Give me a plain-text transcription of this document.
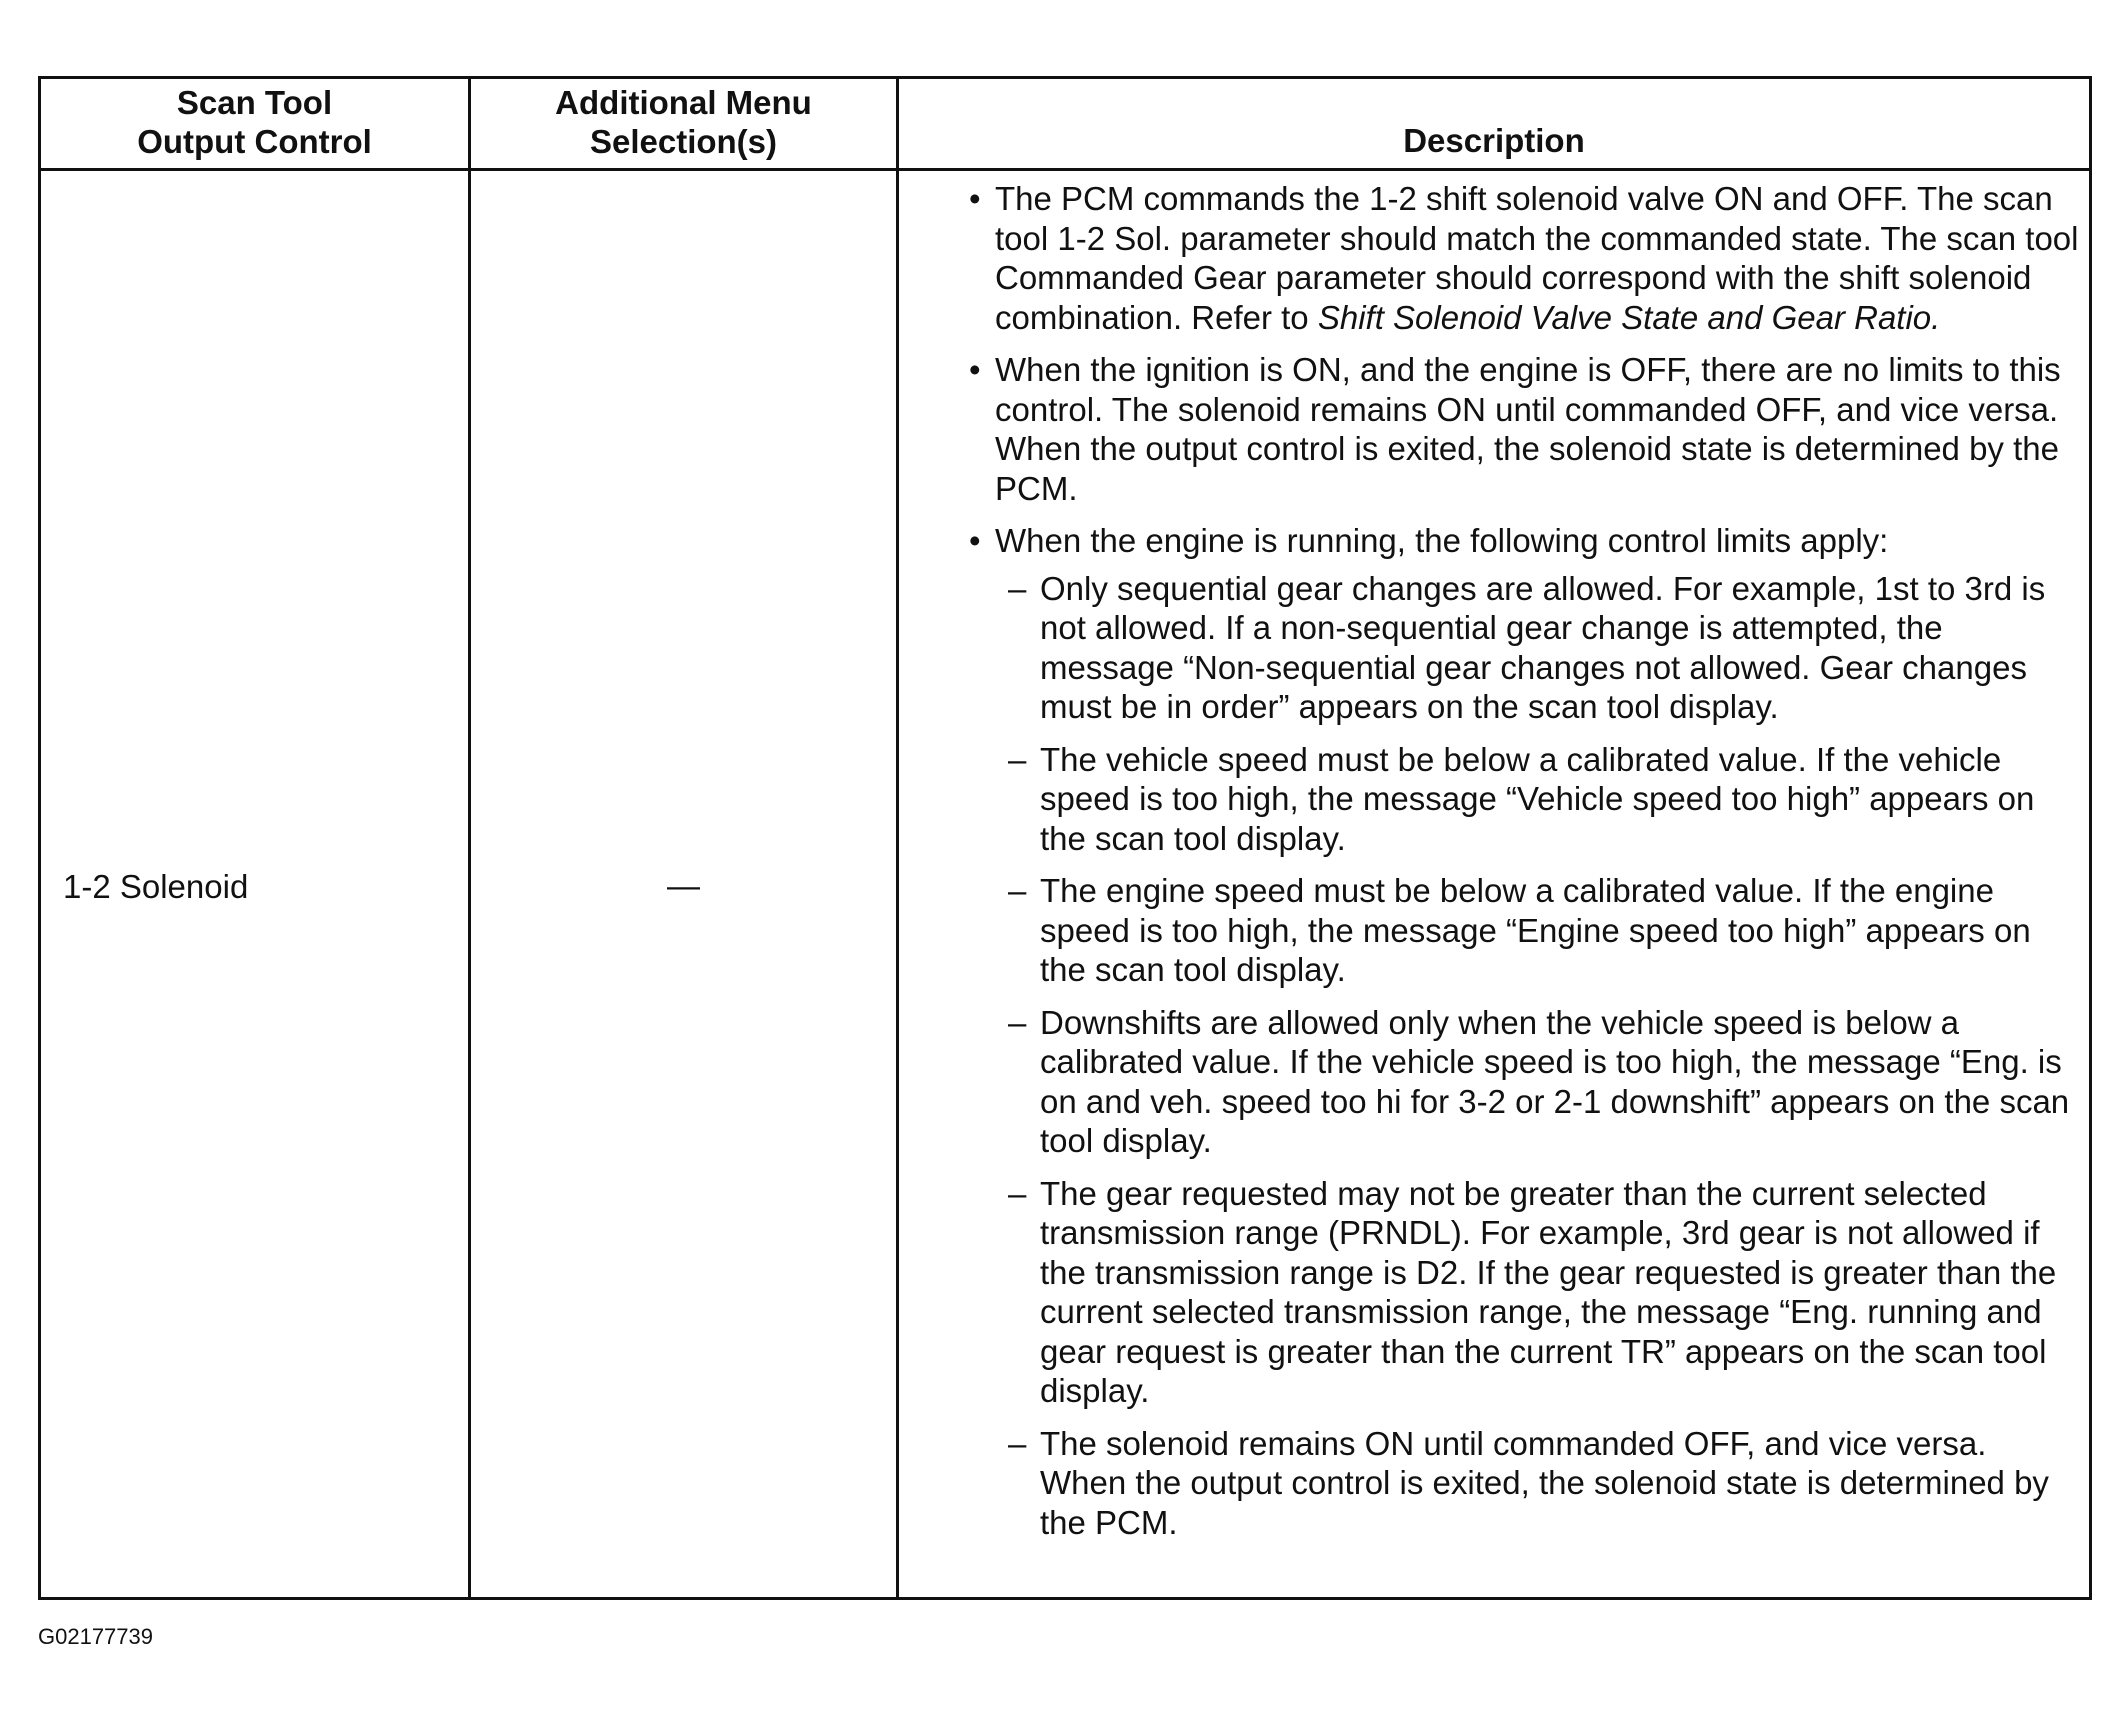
Scan Tool
Output Control
Additional Menu
Selection(s)	Description
1-2 Solenoid	—
• The PCM commands the 1-2 shift solenoid valve ON and OFF. The scan tool 1-2 Sol. parameter should match the commanded state. The scan tool Commanded Gear parameter should correspond with the shift solenoid combination. Refer to Shift Solenoid Valve State and Gear Ratio.
• When the ignition is ON, and the engine is OFF, there are no limits to this control. The solenoid remains ON until commanded OFF, and vice versa. When the output control is exited, the solenoid state is determined by the PCM.
• When the engine is running, the following control limits apply:
– Only sequential gear changes are allowed. For example, 1st to 3rd is not allowed. If a non-sequential gear change is attempted, the message “Non-sequential gear changes not allowed. Gear changes must be in order” appears on the scan tool display.
– The vehicle speed must be below a calibrated value. If the vehicle speed is too high, the message “Vehicle speed too high” appears on the scan tool display.
– The engine speed must be below a calibrated value. If the engine speed is too high, the message “Engine speed too high” appears on the scan tool display.
– Downshifts are allowed only when the vehicle speed is below a calibrated value. If the vehicle speed is too high, the message “Eng. is on and veh. speed too hi for 3-2 or 2-1 downshift” appears on the scan tool display.
– The gear requested may not be greater than the current selected transmission range (PRNDL). For example, 3rd gear is not allowed if the transmission range is D2. If the gear requested is greater than the current selected transmission range, the message “Eng. running and gear request is greater than the current TR” appears on the scan tool display.
– The solenoid remains ON until commanded OFF, and vice versa. When the output control is exited, the solenoid state is determined by the PCM.
G02177739
